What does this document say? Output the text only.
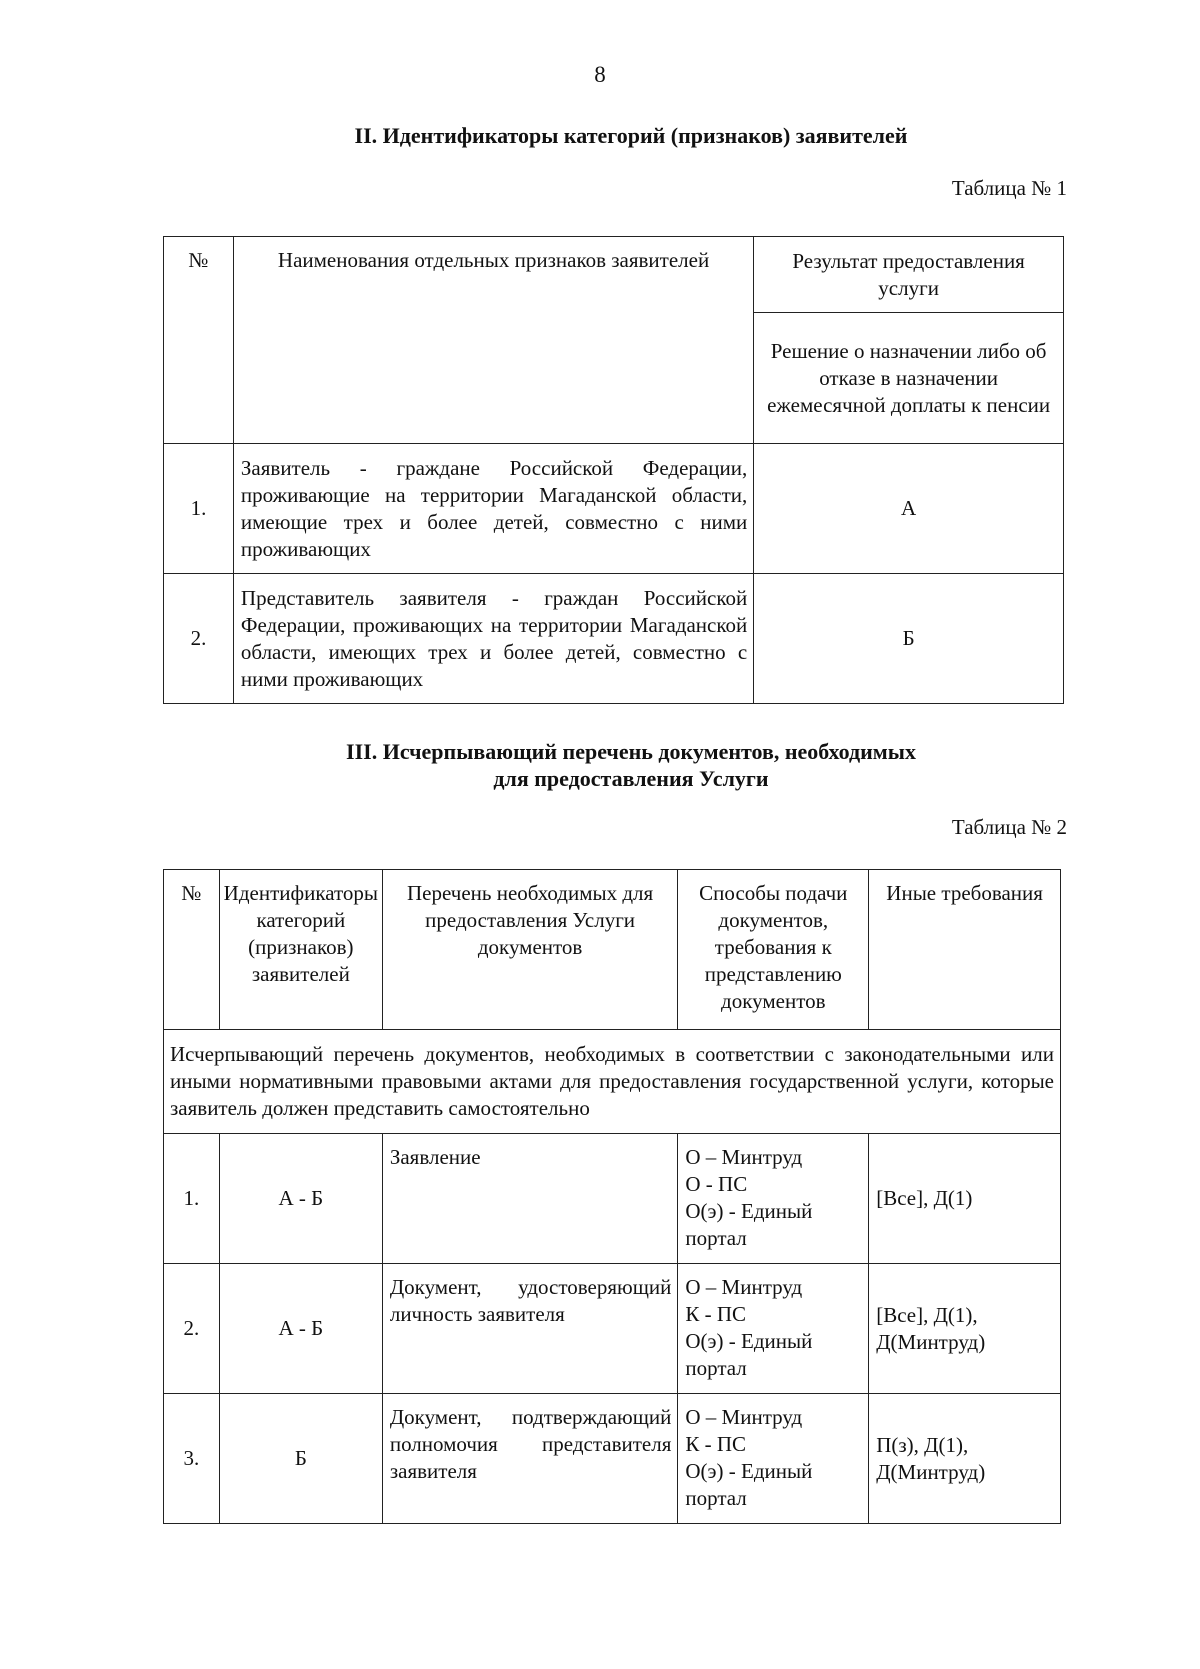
8
II. Идентификаторы категорий (признаков) заявителей
Таблица № 1
№	Наименования отдельных признаков заявителей	Результат предоставления услуги
		Решение о назначении либо об отказе в назначении ежемесячной доплаты к пенсии
1.	Заявитель - граждане Российской Федерации, проживающие на территории Магаданской области, имеющие трех и более детей, совместно с ними проживающих	А
2.	Представитель заявителя - граждан Российской Федерации, проживающих на территории Магаданской области, имеющих трех и более детей, совместно с ними проживающих	Б
III. Исчерпывающий перечень документов, необходимых
для предоставления Услуги
Таблица № 2
№	Идентификаторы категорий (признаков) заявителей	Перечень необходимых для предоставления Услуги документов	Способы подачи документов, требования к представлению документов	Иные требования
Исчерпывающий перечень документов, необходимых в соответствии с законодательными или иными нормативными правовыми актами для предоставления государственной услуги, которые заявитель должен представить самостоятельно				
1.	А - Б	Заявление	О – Минтруд
О - ПС
О(э) - Единый портал	[Все], Д(1)
2.	А - Б	Документ, удостоверяющий личность заявителя	О – Минтруд
К - ПС
О(э) - Единый портал	[Все], Д(1), Д(Минтруд)
3.	Б	Документ, подтверждающий полномочия представителя заявителя	О – Минтруд
К - ПС
О(э) - Единый портал	П(з), Д(1), Д(Минтруд)
